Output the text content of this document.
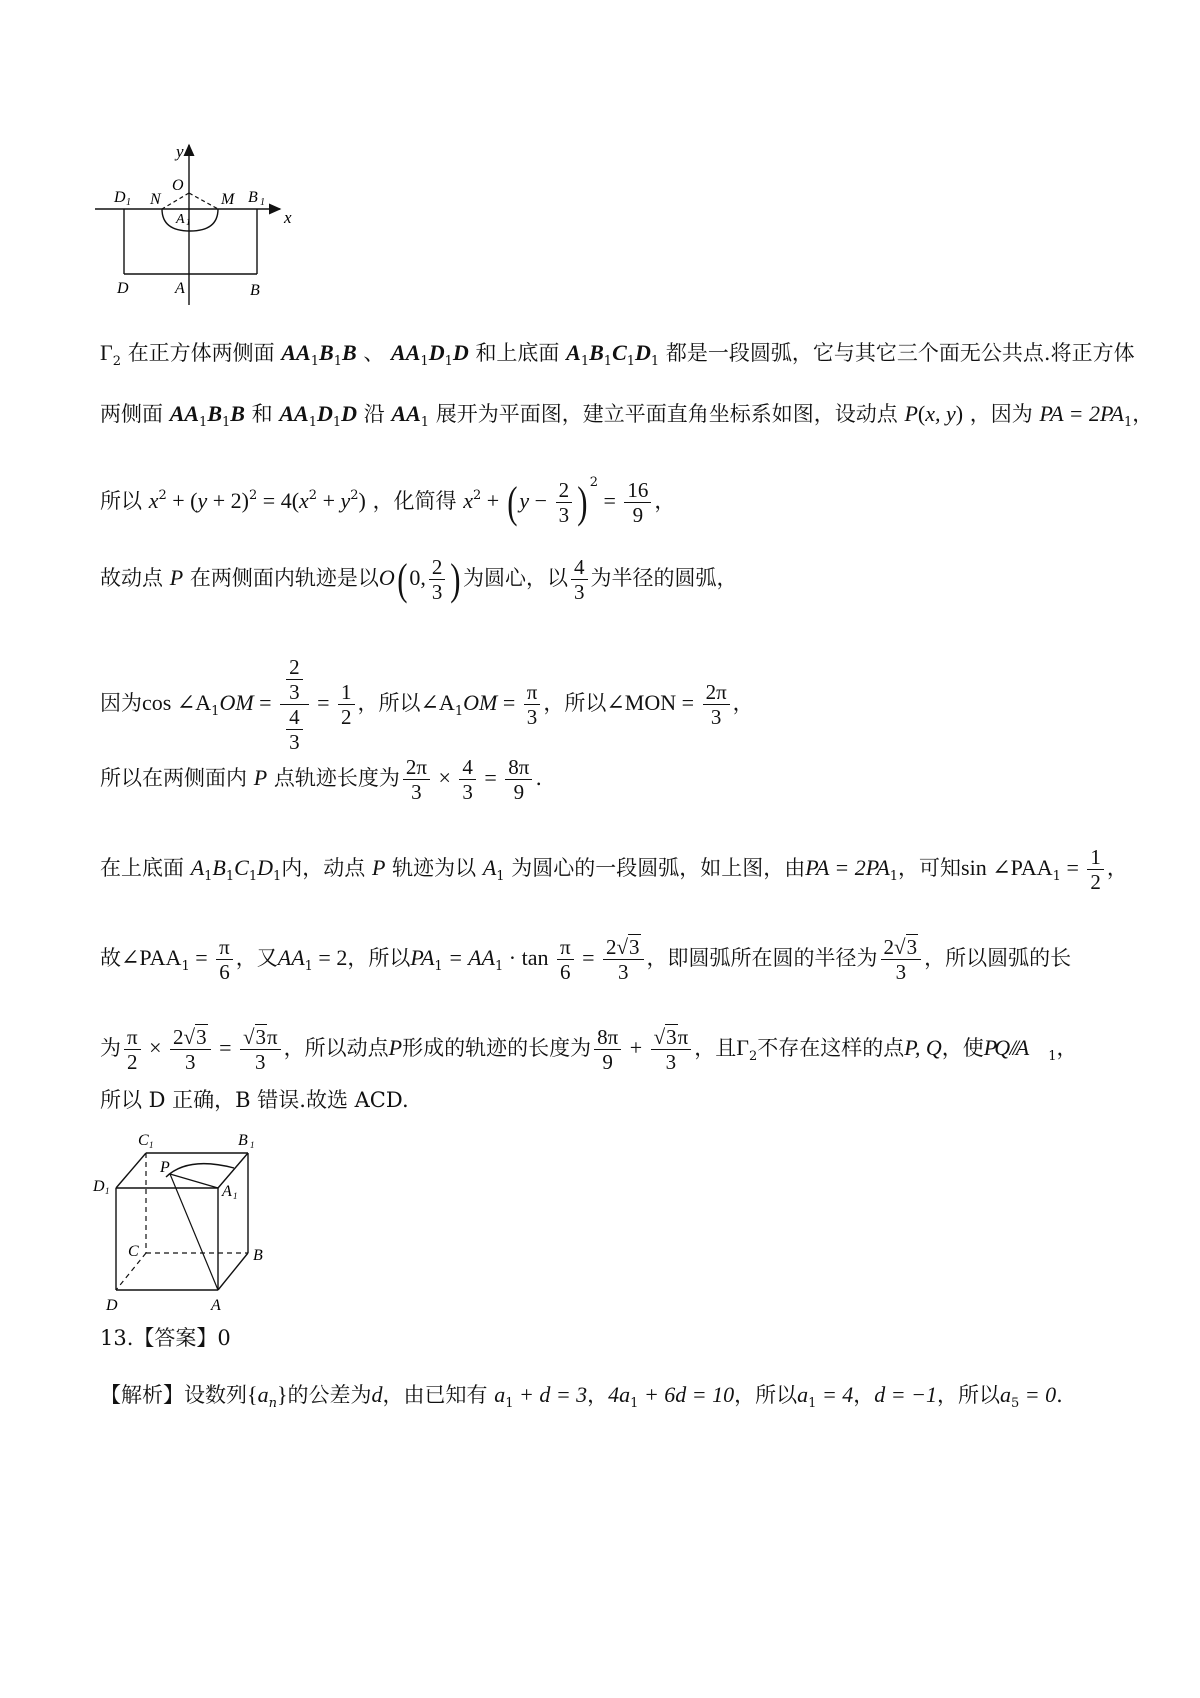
y
x
O
D 1 N	M B 1
A 1
D	A	B
$\Gamma_2$ 在正方体两侧面 $AA_1B_1B$ 、 $AA_1D_1D$ 和上底面 $A_1B_1C_1D_1$ 都是一段圆弧，它与其它三个面无公共点.将正方体
两侧面 $AA_1B_1B$ 和 $AA_1D_1D$ 沿 $AA_1$ 展开为平面图，建立平面直角坐标系如图，设动点 P(x, y) ，因为 PA = $2PA_1$，
所以 $x^2 + (y + 2)^2 = 4(x^2 + y^2)$ ，化简得 $x^2 + (y - \frac{2}{3}$ ) $^2 = \frac{16}{9}$ ，
故动点 P 在两侧面内轨迹是以O(0, $\frac{2}{3}$ ) 为圆心，以 $\frac{4}{3}$ 为半径的圆弧，
因为$\cos \angle A_1OM = \frac{\frac{2}{3}}{\frac{4}{3}} = \frac{1}{2}$ ，所以$\angle A_1OM = \frac{\pi}{3}$ ，所以∠MON = $\frac{2\pi}{3}$ ，
所以在两侧面内 P 点轨迹长度为 $\frac{2\pi}{3} \times \frac{4}{3} = \frac{8\pi}{9}$ .
在上底面 $A_1B_1C_1D_1$内，动点 P 轨迹为以 $A_1$ 为圆心的一段圆弧，如上图，由PA = $2PA_1$，可知$\sin \angle PAA_1 = \frac{1}{2}$ ，
故$\angle PAA_1 = \frac{\pi}{6}$ ，又$AA_1 = 2$，所以$PA_1 = AA_1 \cdot \tan \frac{\pi}{6} = \frac{2√3}{3}$ ，即圆弧所在圆的半径为 $\frac{2√3}{3}$ ，所以圆弧的长
为 $\frac{\pi}{2} \times \frac{2√3}{3} = \frac{√3\pi}{3}$ ，所以动点P形成的轨迹的长度为 $\frac{8\pi}{9} + \frac{√3\pi}{3}$ ，且$\Gamma_2$不存在这样的点P, Q，使PQ //A $_1$，
所以 D 正确，B 错误.故选 ACD.
C 1	B 1
D 1
P
A 1
C	B
D	A
13.【答案】0
【解析】设数列$\{a_n\}$的公差为d，由已知有 $a_1 + d = 3$，$4a_1 + 6d = 10$，所以$a_1 = 4$，d = −1，所以$a_5 = 0$.
